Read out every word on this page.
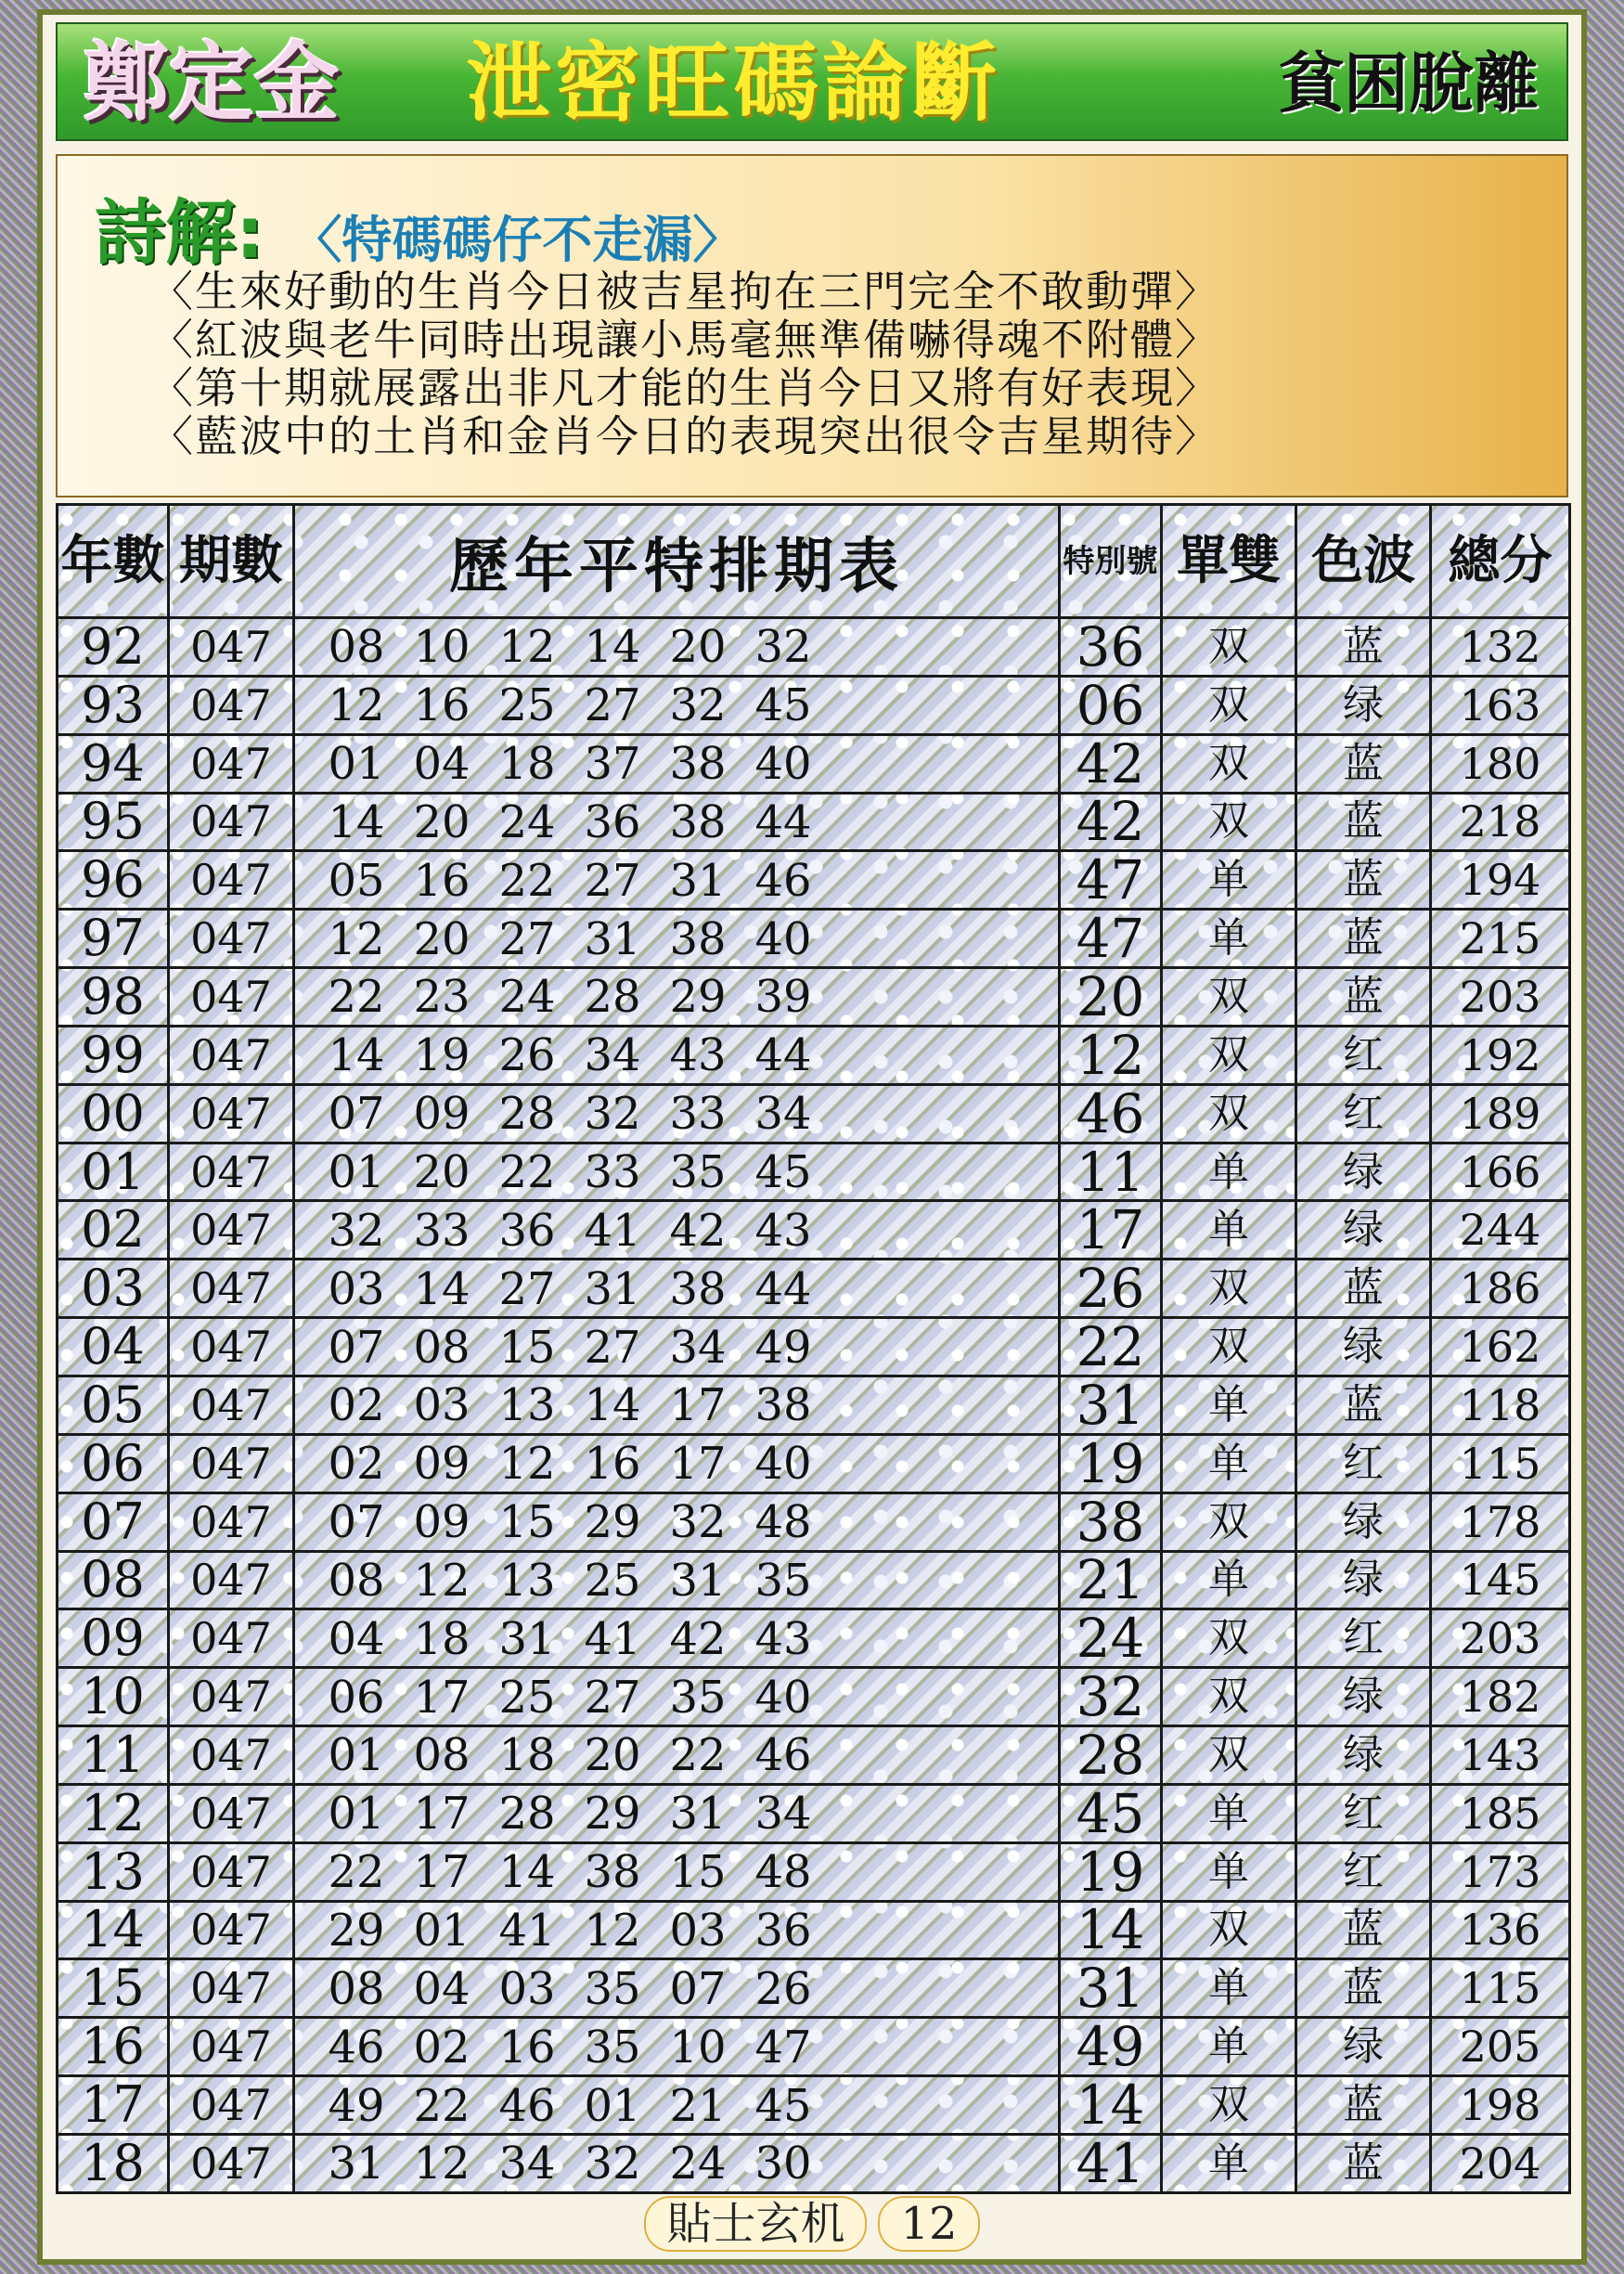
鄭定金 泄密旺碼論斷	貧困脫離
詩解: 〈特碼碼仔不走漏〉
〈生來好動的生肖今日被吉星拘在三門完全不敢動彈〉
〈紅波與老牛同時出現讓小馬毫無準備嚇得魂不附體〉
〈第十期就展露出非凡才能的生肖今日又將有好表現〉
〈藍波中的土肖和金肖今日的表現突出很令吉星期待〉
年數	期數	歷年平特排期表	特別號	單雙	色波	總分
92	047	08 10 12 14 20 32	36	双	蓝	132
93	047	12 16 25 27 32 45	06	双	绿	163
94	047	01 04 18 37 38 40	42	双	蓝	180
95	047	14 20 24 36 38 44	42	双	蓝	218
96	047	05 16 22 27 31 46	47	单	蓝	194
97	047	12 20 27 31 38 40	47	单	蓝	215
98	047	22 23 24 28 29 39	20	双	蓝	203
99	047	14 19 26 34 43 44	12	双	红	192
00	047	07 09 28 32 33 34	46	双	红	189
01	047	01 20 22 33 35 45	11	单	绿	166
02	047	32 33 36 41 42 43	17	单	绿	244
03	047	03 14 27 31 38 44	26	双	蓝	186
04	047	07 08 15 27 34 49	22	双	绿	162
05	047	02 03 13 14 17 38	31	单	蓝	118
06	047	02 09 12 16 17 40	19	单	红	115
07	047	07 09 15 29 32 48	38	双	绿	178
08	047	08 12 13 25 31 35	21	单	绿	145
09	047	04 18 31 41 42 43	24	双	红	203
10	047	06 17 25 27 35 40	32	双	绿	182
11	047	01 08 18 20 22 46	28	双	绿	143
12	047	01 17 28 29 31 34	45	单	红	185
13	047	22 17 14 38 15 48	19	单	红	173
14	047	29 01 41 12 03 36	14	双	蓝	136
15	047	08 04 03 35 07 26	31	单	蓝	115
16	047	46 02 16 35 10 47	49	单	绿	205
17	047	49 22 46 01 21 45	14	双	蓝	198
18	047	31 12 34 32 24 30	41	单	蓝	204
貼士玄机 12
